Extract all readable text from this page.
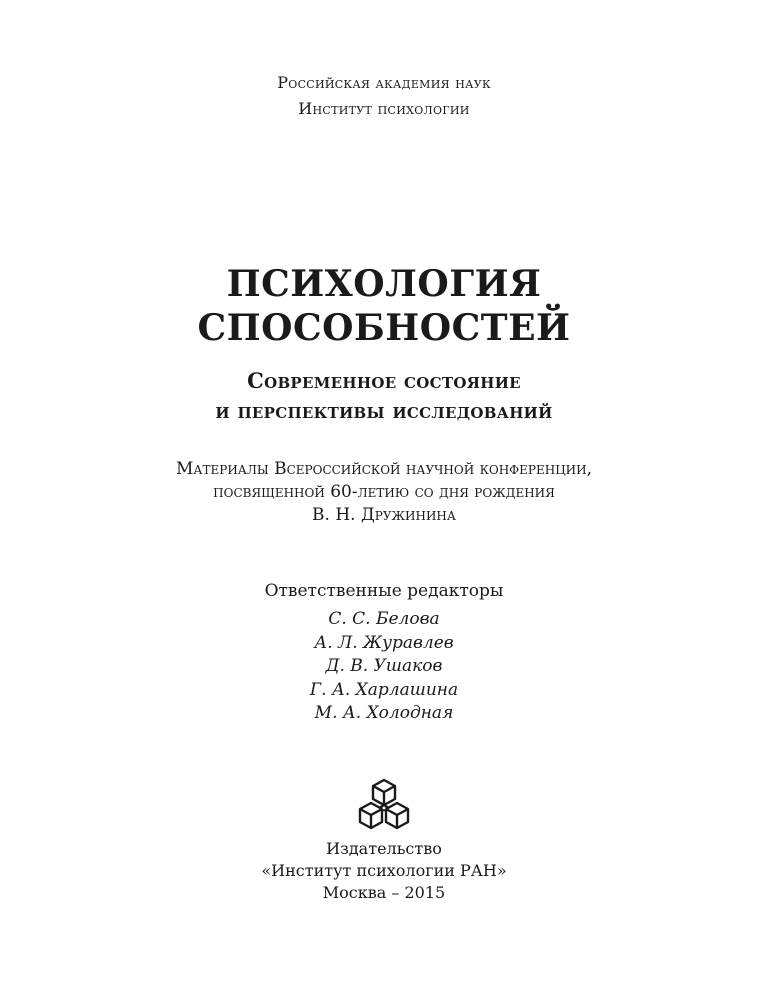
Российская академия наук
Институт психологии
ПСИХОЛОГИЯ
СПОСОБНОСТЕЙ
Современное состояние
и перспективы исследований
Материалы Всероссийской научной конференции,
посвященной 60-летию со дня рождения
В. Н. Дружинина
Ответственные редакторы
С. С. Белова
А. Л. Журавлев
Д. В. Ушаков
Г. А. Харлашина
М. А. Холодная
Издательство
«Институт психологии РАН»
Москва – 2015
